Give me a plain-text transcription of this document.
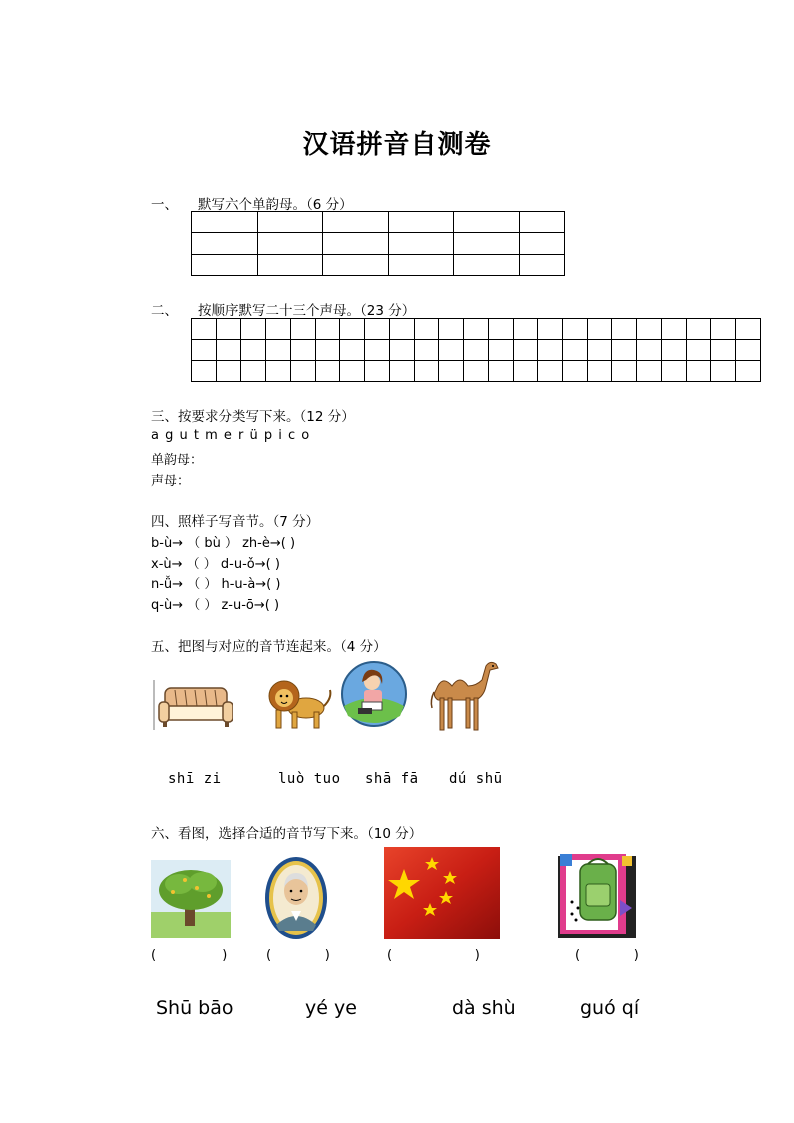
汉语拼音自测卷
一、 默写六个单韵母。（6 分）

二、 按顺序默写二十三个声母。（23 分）

三、按要求分类写下来。（12 分）
a g u t m e r ü p i c o
单韵母：
声母：
四、照样子写音节。（7 分）
b-ù→ （ bù ） zh-è→( )
x-ù→ （ ） d-u-ǒ→( )
n-ǚ→ （ ） h-u-à→( )
q-ù→ （ ） z-u-ō→( )
五、把图与对应的音节连起来。（4 分）
shī zi	luò tuo shā fā dú shū
六、看图，选择合适的音节写下来。（10 分）
(                )	(             )	(                    )	(             )
Shū bāo	yé ye	dà shù	guó qí
